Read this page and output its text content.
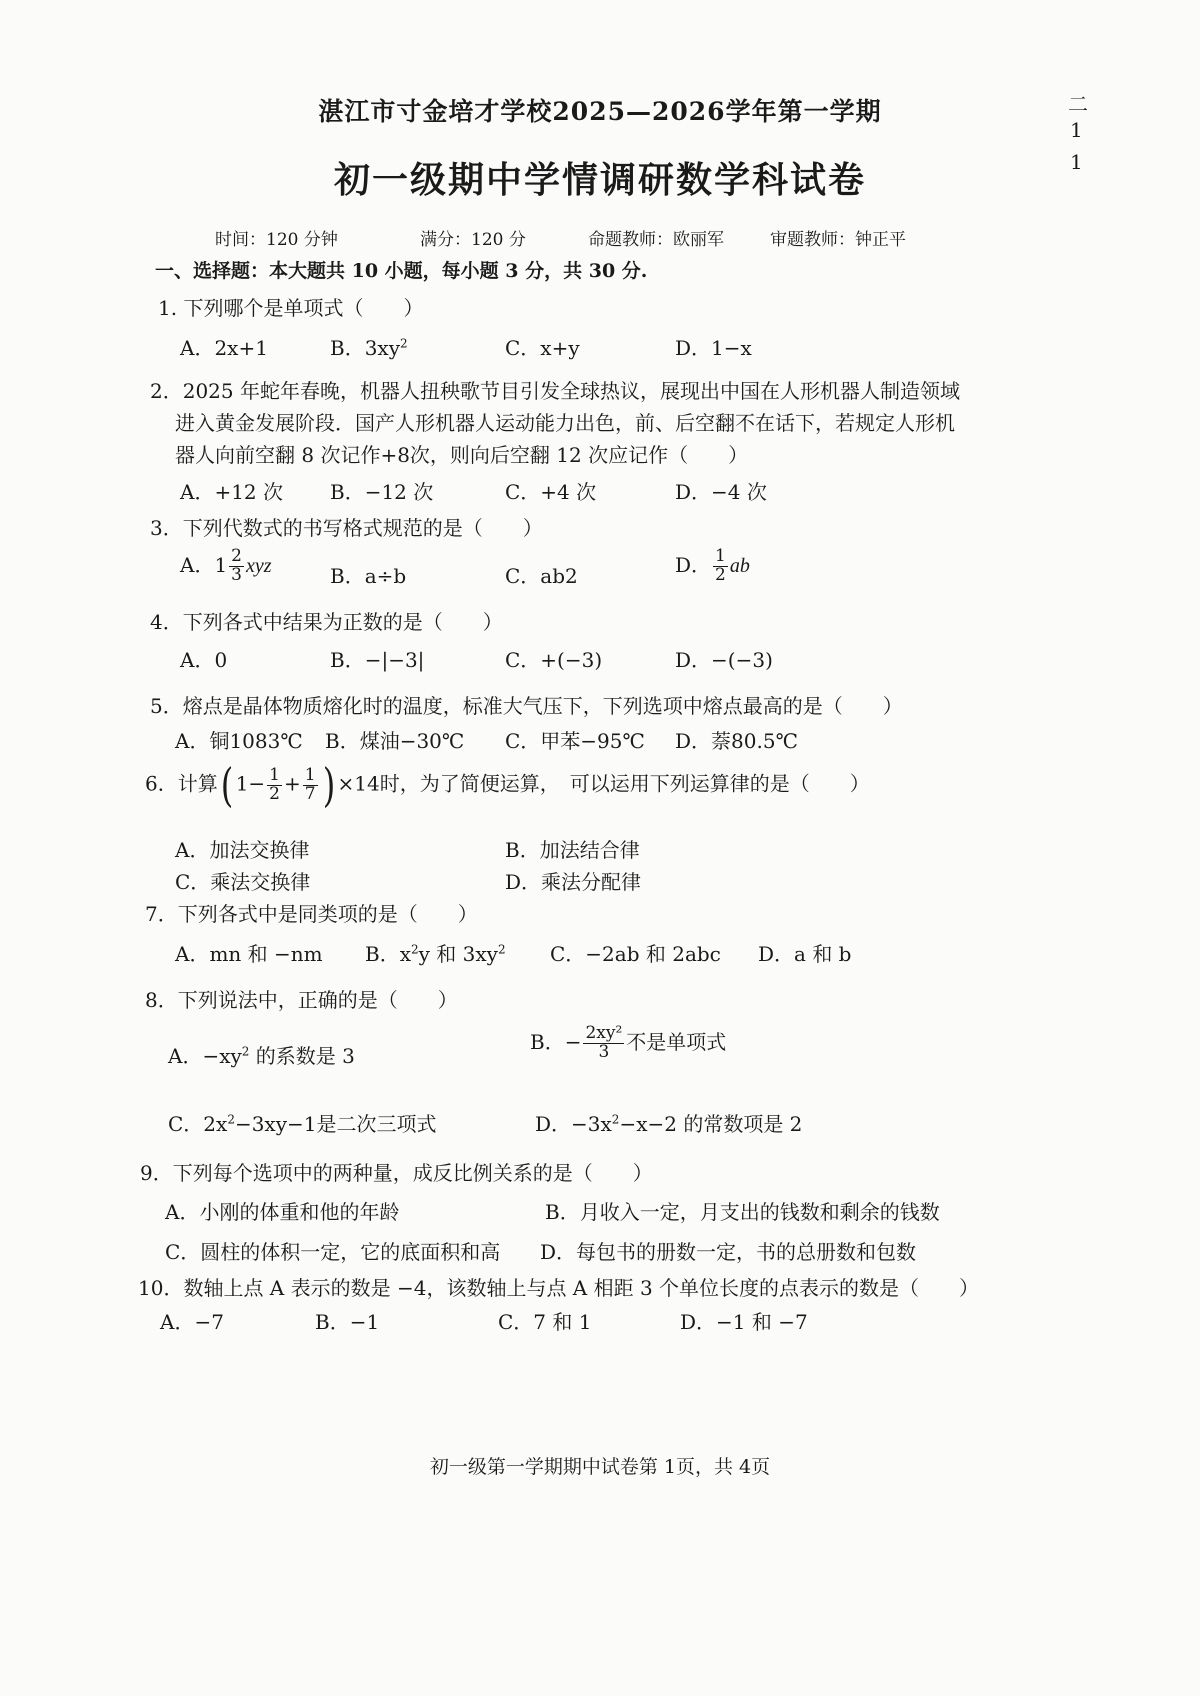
二
1
1
湛江市寸金培才学校2025—2026学年第一学期
初一级期中学情调研数学科试卷
时间：120 分钟	满分：120 分	命题教师：欧丽军	审题教师：钟正平
一、选择题：本大题共 10 小题，每小题 3 分，共 30 分.
1. 下列哪个是单项式（　　）
A．2x+1	B．$3xy^2$	C．x+y	D．1−x
2．2025 年蛇年春晚，机器人扭秧歌节目引发全球热议，展现出中国在人形机器人制造领域
进入黄金发展阶段．国产人形机器人运动能力出色，前、后空翻不在话下，若规定人形机
器人向前空翻 8 次记作+8次，则向后空翻 12 次应记作（　　）
A．+12 次 B．−12 次	C．+4 次	D．−4 次
3．下列代数式的书写格式规范的是（　　）
A．$1 \frac{2}{3}$ xyz	B．a÷b	C．ab2	D． $\frac{1}{2}$ ab
4．下列各式中结果为正数的是（　　）
A．0	B．−|−3|	C．+(−3)	D．−(−3)
5．熔点是晶体物质熔化时的温度，标准大气压下，下列选项中熔点最高的是（　　）
A．铜1083℃ B．煤油−30℃ C．甲苯−95℃ D．萘80.5℃
6．计算( $1- \frac{1}{2} + \frac{1}{7}$ ) ×14时，为了简便运算，　可以运用下列运算律的是（　　）
A．加法交换律	B．加法结合律
C．乘法交换律	D．乘法分配律
7．下列各式中是同类项的是（　　）
A．mn 和 −nm B．$x^2y$ 和 $3xy^2$ C．−2ab 和 2abc D．a 和 b
8．下列说法中，正确的是（　　）
A．$-xy^2$ 的系数是 3
B．− $\frac{\text{2xy²}}{3}$ 不是单项式
C．$2x^2-3xy-1$是二次三项式	D．$-3x^2-x-2$ 的常数项是 2
9．下列每个选项中的两种量，成反比例关系的是（　　）
A．小刚的体重和他的年龄	B．月收入一定，月支出的钱数和剩余的钱数
C．圆柱的体积一定，它的底面积和高 D．每包书的册数一定，书的总册数和包数
10．数轴上点 A 表示的数是 −4，该数轴上与点 A 相距 3 个单位长度的点表示的数是（　　）
A．−7	B．−1	C．7 和 1	D．−1 和 −7
初一级第一学期期中试卷第 1页，共 4页
